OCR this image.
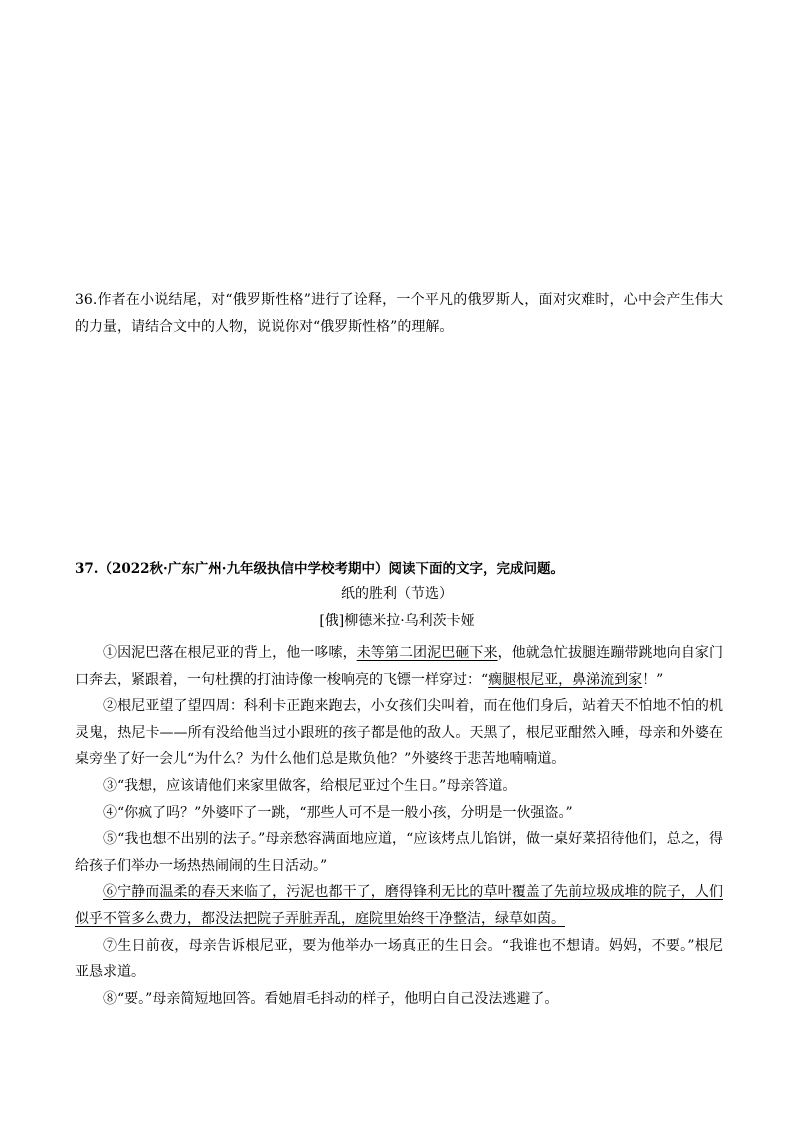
36.作者在小说结尾，对“俄罗斯性格”进行了诠释，一个平凡的俄罗斯人，面对灾难时，心中会产生伟大的力量，请结合文中的人物，说说你对“俄罗斯性格”的理解。
37.（2022秋·广东广州·九年级执信中学校考期中）阅读下面的文字，完成问题。
纸的胜利（节选）
[俄]柳德米拉·乌利茨卡娅

①因泥巴落在根尼亚的背上，他一哆嗦，未等第二团泥巴砸下来，他就急忙拔腿连蹦带跳地向自家门口奔去，紧跟着，一句杜撰的打油诗像一梭响亮的飞镖一样穿过：“瘸腿根尼亚，鼻涕流到家！”

②根尼亚望了望四周：科利卡正跑来跑去，小女孩们尖叫着，而在他们身后，站着天不怕地不怕的机灵鬼，热尼卡——所有没给他当过小跟班的孩子都是他的敌人。天黑了，根尼亚酣然入睡，母亲和外婆在桌旁坐了好一会儿“为什么？为什么他们总是欺负他？”外婆终于悲苦地喃喃道。

③“我想，应该请他们来家里做客，给根尼亚过个生日。”母亲答道。

④“你疯了吗？”外婆吓了一跳，“那些人可不是一般小孩，分明是一伙强盗。”

⑤“我也想不出别的法子。”母亲愁容满面地应道，“应该烤点儿馅饼，做一桌好菜招待他们，总之，得给孩子们举办一场热热闹闹的生日活动。”

⑥宁静而温柔的春天来临了，污泥也都干了，磨得锋利无比的草叶覆盖了先前垃圾成堆的院子，人们似乎不管多么费力，都没法把院子弄脏弄乱，庭院里始终干净整洁，绿草如茵。

⑦生日前夜，母亲告诉根尼亚，要为他举办一场真正的生日会。“我谁也不想请。妈妈，不要。”根尼亚恳求道。

⑧“要。”母亲简短地回答。看她眉毛抖动的样子，他明白自己没法逃避了。
